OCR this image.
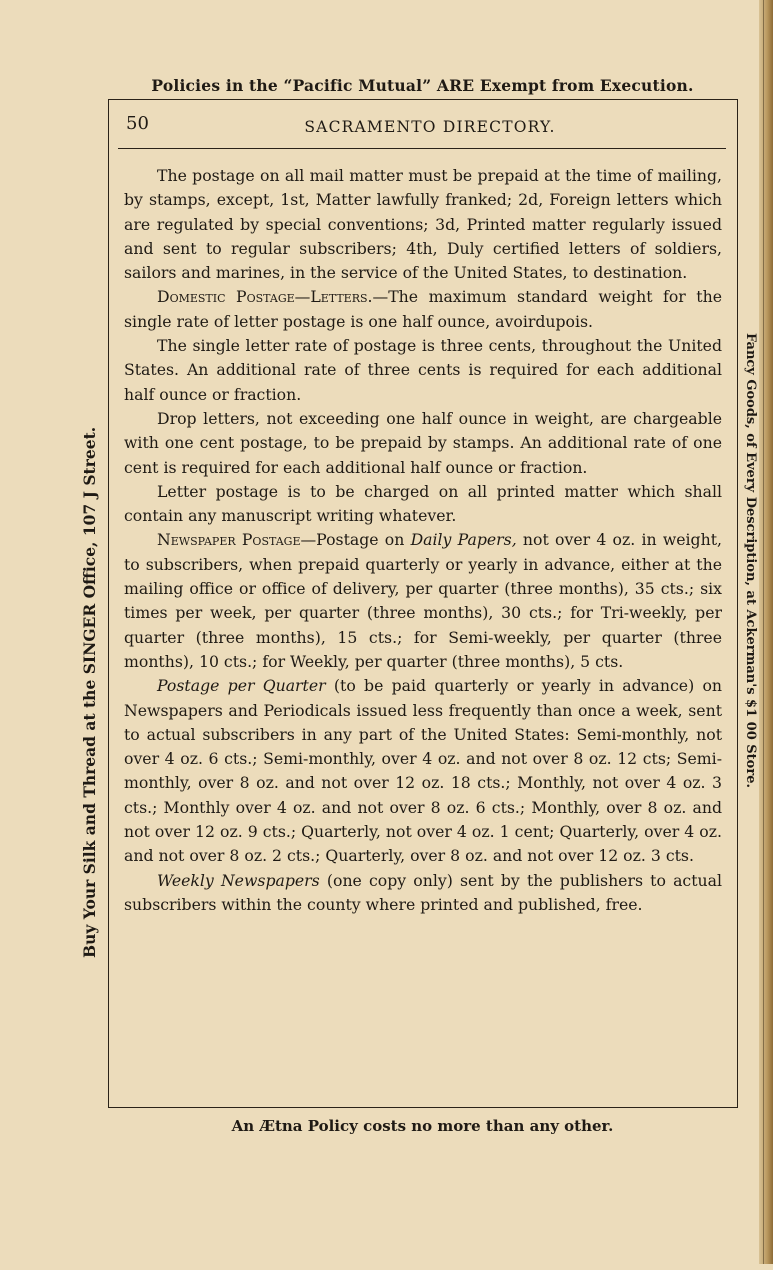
Policies in the “Pacific Mutual” ARE Exempt from Execution.
Buy Your Silk and Thread at the SINGER Office, 107 J Street.	Fancy Goods, of Every Description, at Ackerman's $1 00 Store.
50	SACRAMENTO DIRECTORY.

The postage on all mail matter must be prepaid at the time of mailing, by stamps, except, 1st, Matter lawfully franked; 2d, Foreign letters which are regulated by special conventions; 3d, Printed matter regularly issued and sent to regular subscribers; 4th, Duly certified letters of soldiers, sailors and marines, in the service of the United States, to destination.

Domestic Postage—Letters.—The maximum standard weight for the single rate of letter postage is one half ounce, avoirdupois.

The single letter rate of postage is three cents, throughout the United States. An additional rate of three cents is required for each additional half ounce or fraction.

Drop letters, not exceeding one half ounce in weight, are chargeable with one cent postage, to be prepaid by stamps. An additional rate of one cent is required for each additional half ounce or fraction.

Letter postage is to be charged on all printed matter which shall contain any manuscript writing whatever.

Newspaper Postage—Postage on Daily Papers, not over 4 oz. in weight, to subscribers, when prepaid quarterly or yearly in advance, either at the mailing office or office of delivery, per quarter (three months), 35 cts.; six times per week, per quarter (three months), 30 cts.; for Tri-weekly, per quarter (three months), 15 cts.; for Semi-weekly, per quarter (three months), 10 cts.; for Weekly, per quarter (three months), 5 cts.

Postage per Quarter (to be paid quarterly or yearly in advance) on Newspapers and Periodicals issued less frequently than once a week, sent to actual subscribers in any part of the United States: Semi-monthly, not over 4 oz. 6 cts.; Semi-monthly, over 4 oz. and not over 8 oz. 12 cts; Semi-monthly, over 8 oz. and not over 12 oz. 18 cts.; Monthly, not over 4 oz. 3 cts.; Monthly over 4 oz. and not over 8 oz. 6 cts.; Monthly, over 8 oz. and not over 12 oz. 9 cts.; Quarterly, not over 4 oz. 1 cent; Quarterly, over 4 oz. and not over 8 oz. 2 cts.; Quarterly, over 8 oz. and not over 12 oz. 3 cts.

Weekly Newspapers (one copy only) sent by the publishers to actual subscribers within the county where printed and published, free.

An Ætna Policy costs no more than any other.
